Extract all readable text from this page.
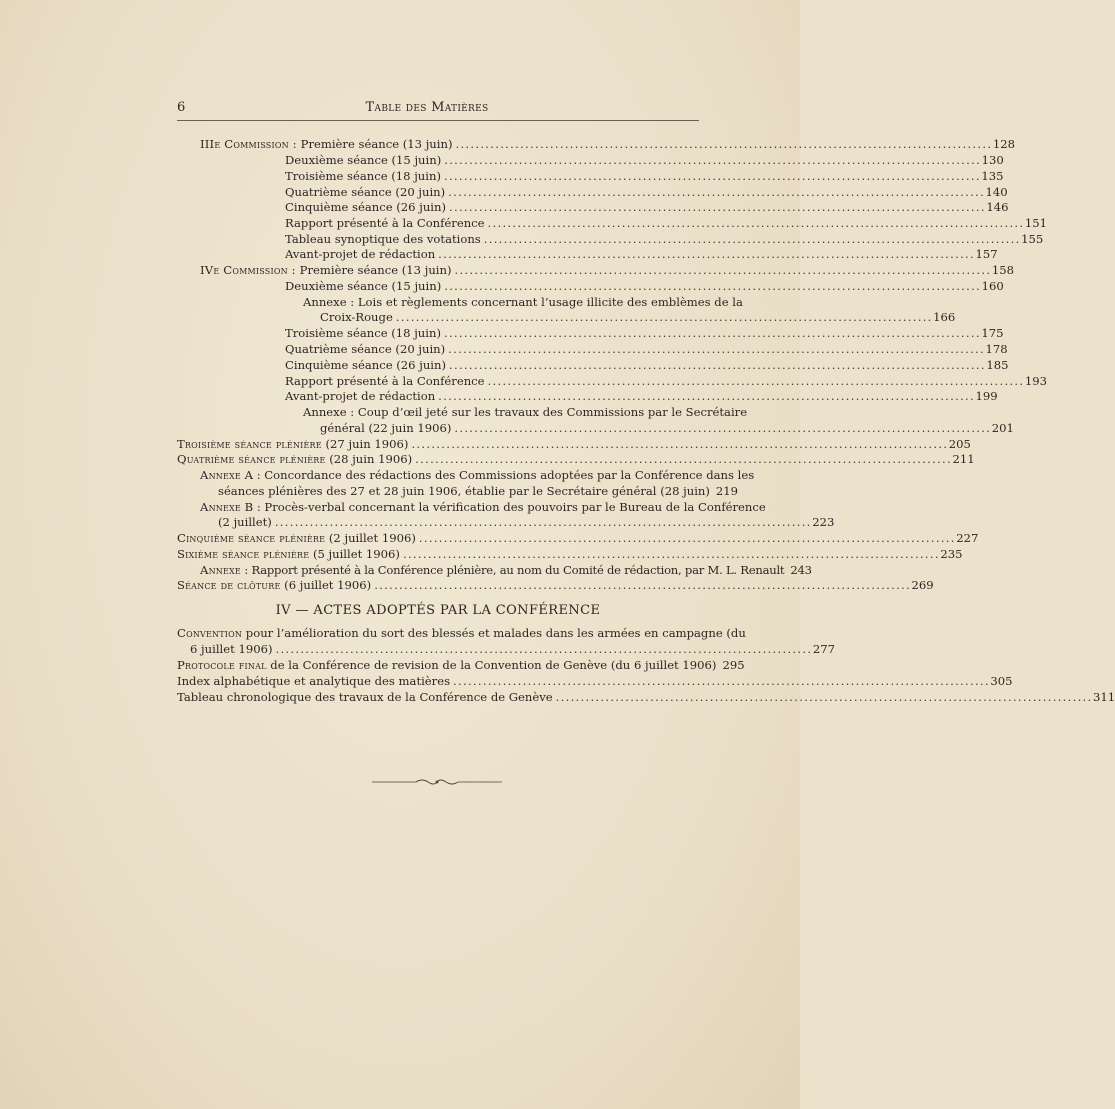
6	Table des Matières
IIIe Commission : Première séance (13 juin) . . .	128
Deuxième séance (15 juin) . . .	130
Troisième séance (18 juin) . . .	135
Quatrième séance (20 juin) . . .	140
Cinquième séance (26 juin) . . .	146
Rapport présenté à la Conférence . . .	151
Tableau synoptique des votations . . .	155
Avant-projet de rédaction . . .	157
IVe Commission : Première séance (13 juin) . . .	158
Deuxième séance (15 juin) . . .	160
Annexe : Lois et règlements concernant l’usage illicite des emblèmes de la
Croix-Rouge . . .	166
Troisième séance (18 juin) . . .	175
Quatrième séance (20 juin) . . .	178
Cinquième séance (26 juin) . . .	185
Rapport présenté à la Conférence . . .	193
Avant-projet de rédaction . . .	199
Annexe : Coup d’œil jeté sur les travaux des Commissions par le Secrétaire
général (22 juin 1906) . . .	201
Troisième séance plénière (27 juin 1906) . . .	205
Quatrième séance plénière (28 juin 1906) . . .	211
Annexe A : Concordance des rédactions des Commissions adoptées par la Conférence dans les
séances plénières des 27 et 28 juin 1906, établie par le Secrétaire général (28 juin) 219
Annexe B : Procès-verbal concernant la vérification des pouvoirs par le Bureau de la Conférence
(2 juillet) . . .	223
Cinquième séance plénière (2 juillet 1906) . . .	227
Sixième séance plénière (5 juillet 1906) . . .	235
Annexe : Rapport présenté à la Conférence plénière, au nom du Comité de rédaction, par M. L. Renault 243
Séance de clôture (6 juillet 1906) . . .	269
IV — ACTES ADOPTÉS PAR LA CONFÉRENCE
Convention pour l’amélioration du sort des blessés et malades dans les armées en campagne (du
6 juillet 1906) . . .	277
Protocole final de la Conférence de revision de la Convention de Genève (du 6 juillet 1906) 295
Index alphabétique et analytique des matières . . .	305
Tableau chronologique des travaux de la Conférence de Genève . . .	311
